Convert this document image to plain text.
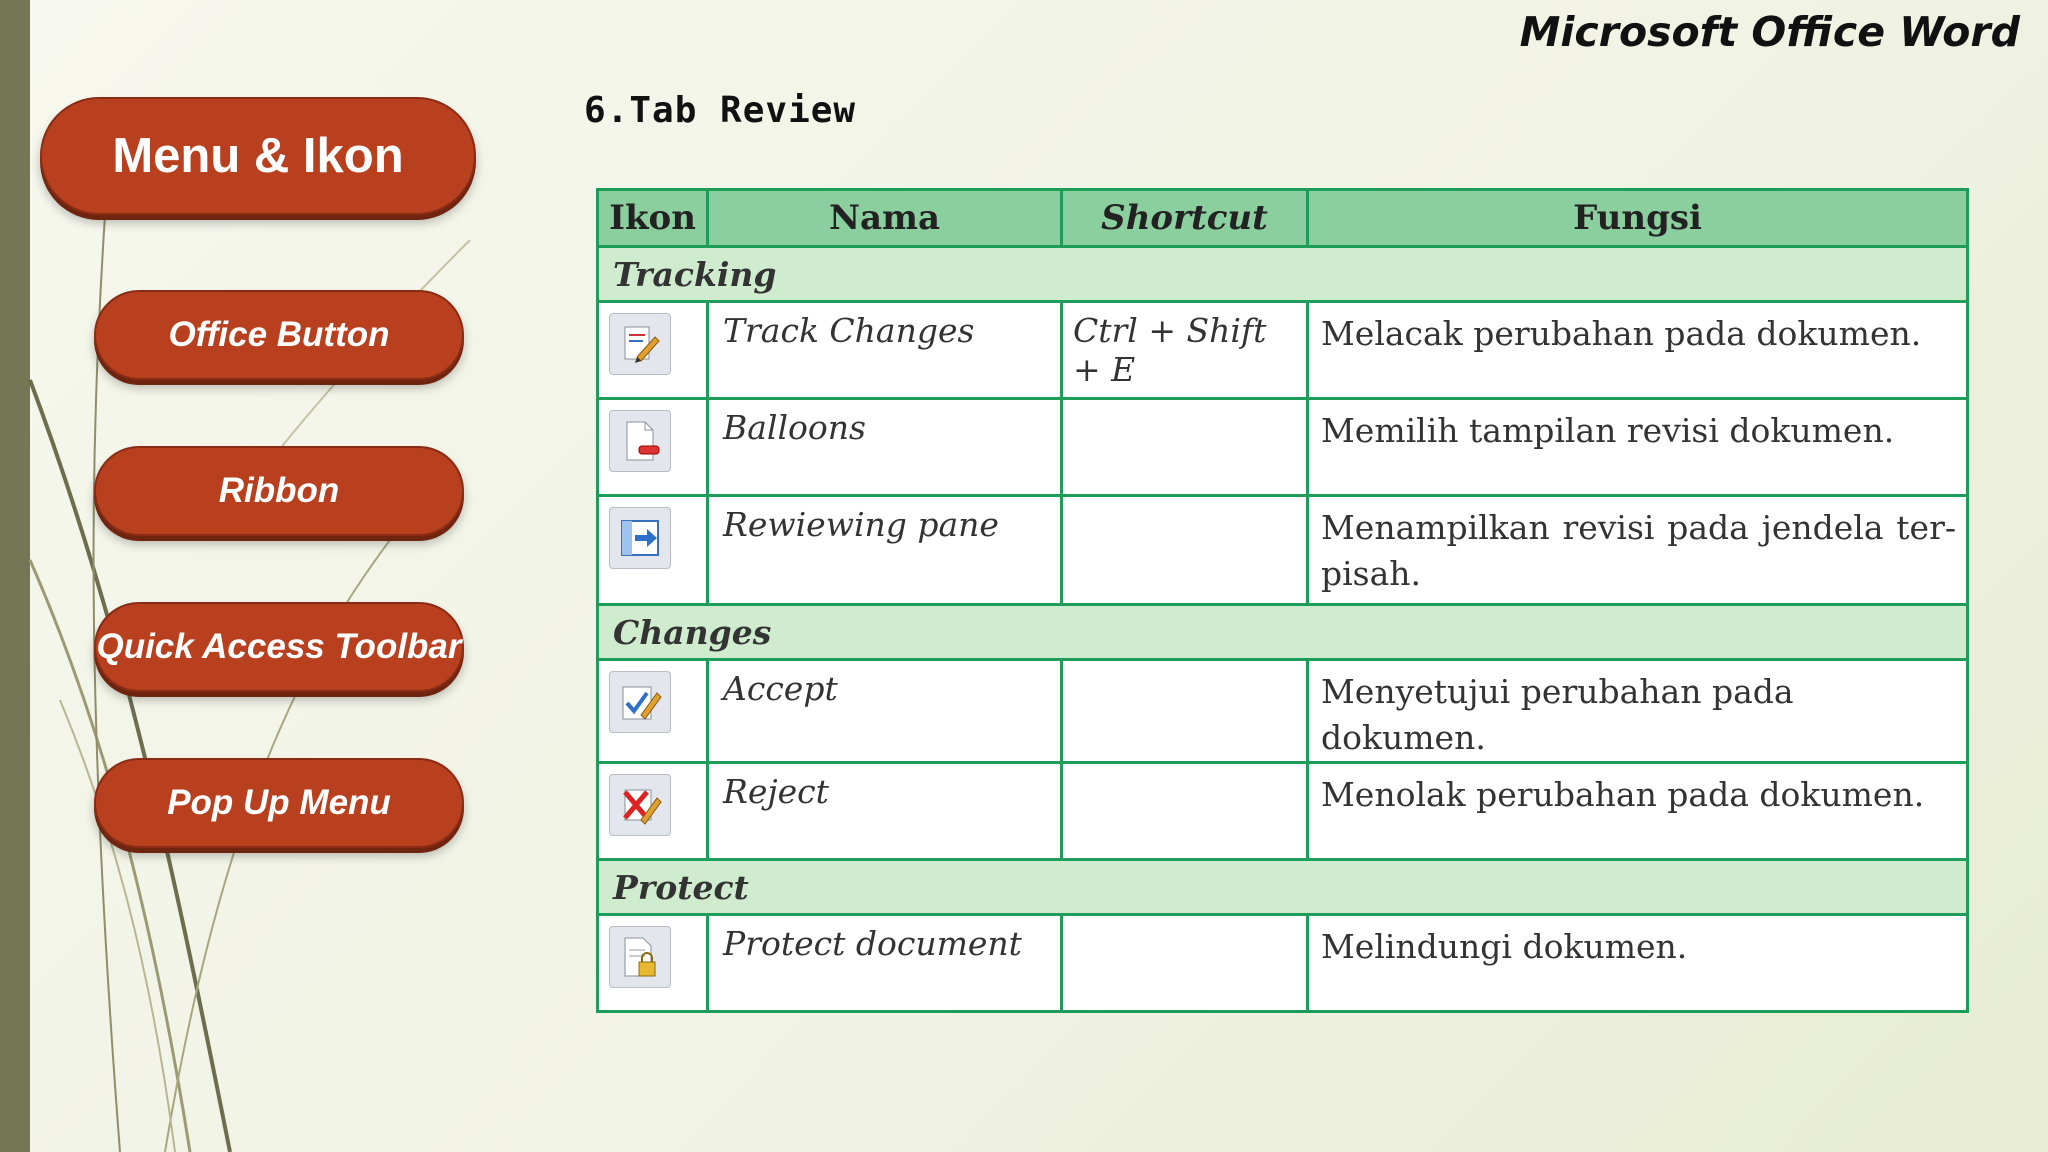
Microsoft Office Word
6.Tab Review
Menu & Ikon
Office Button
Ribbon
Quick Access Toolbar
Pop Up Menu
Ikon	Nama	Shortcut	Fungsi
Tracking			

	Track Changes	Ctrl + Shift + E	Melacak perubahan pada dokumen.

	Balloons		Memilih tampilan revisi dokumen.

	Rewiewing pane		Menampilkan revisi pada jendela ter-pisah.
Changes			

	Accept		Menyetujui perubahan pada dokumen.

	Reject		Menolak perubahan pada dokumen.
Protect			

	Protect document		Melindungi dokumen.
